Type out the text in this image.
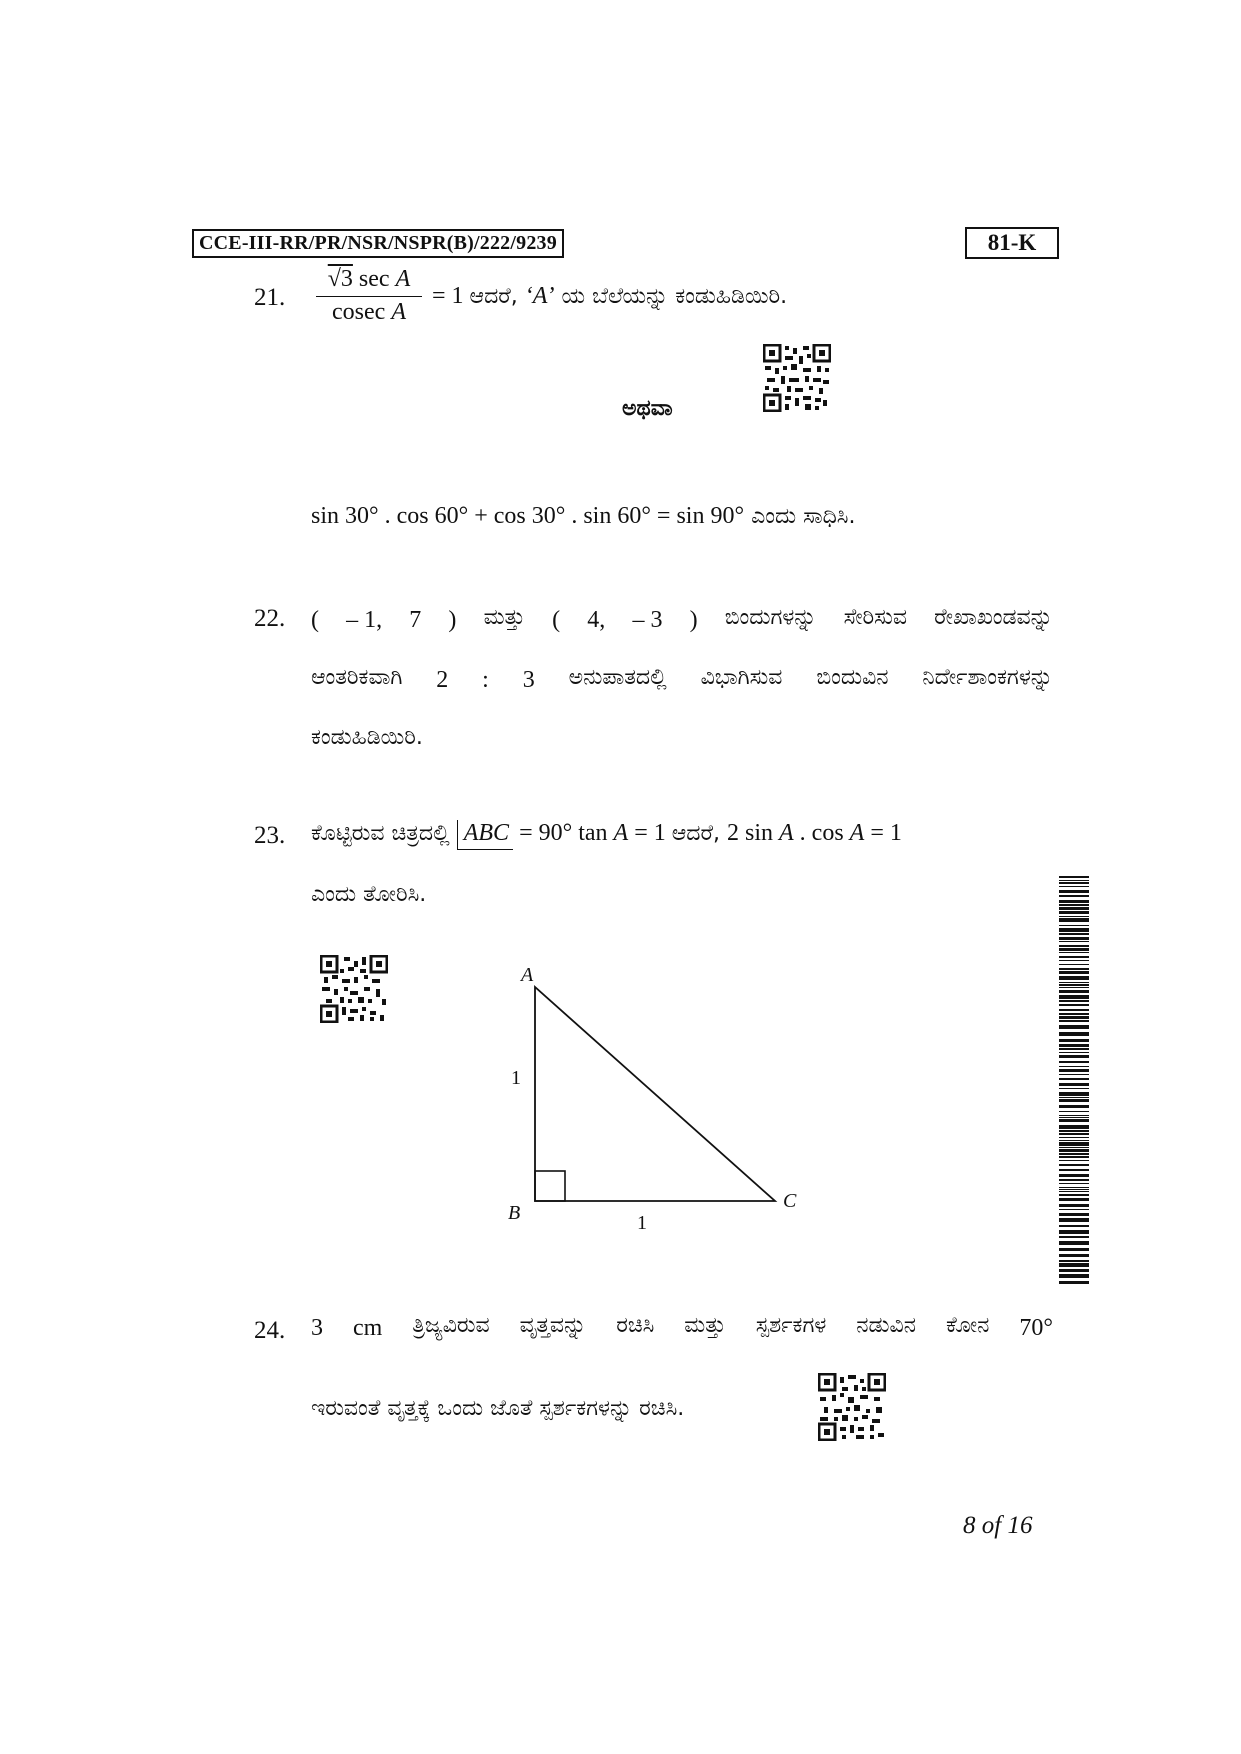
CCE-III-RR/PR/NSR/NSPR(B)/222/9239	81-K
21.
√3 sec A
cosec A
= 1 ಆದರೆ, ‘A’ ಯ ಬೆಲೆಯನ್ನು ಕಂಡುಹಿಡಿಯಿರಿ.
ಅಥವಾ
sin 30° . cos 60° + cos 30° . sin 60° = sin 90° ಎಂದು ಸಾಧಿಸಿ.
22. ( – 1, 7 ) ಮತ್ತು ( 4, – 3 ) ಬಿಂದುಗಳನ್ನು ಸೇರಿಸುವ ರೇಖಾಖಂಡವನ್ನು
ಆಂತರಿಕವಾಗಿ 2 : 3 ಅನುಪಾತದಲ್ಲಿ ವಿಭಾಗಿಸುವ ಬಿಂದುವಿನ ನಿರ್ದೇಶಾಂಕಗಳನ್ನು
ಕಂಡುಹಿಡಿಯಿರಿ.
23. ಕೊಟ್ಟಿರುವ ಚಿತ್ರದಲ್ಲಿ ABC = 90° tan A = 1 ಆದರೆ, 2 sin A . cos A = 1
ಎಂದು ತೋರಿಸಿ.
A
B
C
1
1
24. 3 cm ತ್ರಿಜ್ಯವಿರುವ ವೃತ್ತವನ್ನು ರಚಿಸಿ ಮತ್ತು ಸ್ಪರ್ಶಕಗಳ ನಡುವಿನ ಕೋನ 70°
ಇರುವಂತೆ ವೃತ್ತಕ್ಕೆ ಒಂದು ಜೊತೆ ಸ್ಪರ್ಶಕಗಳನ್ನು ರಚಿಸಿ.
8 of 16
